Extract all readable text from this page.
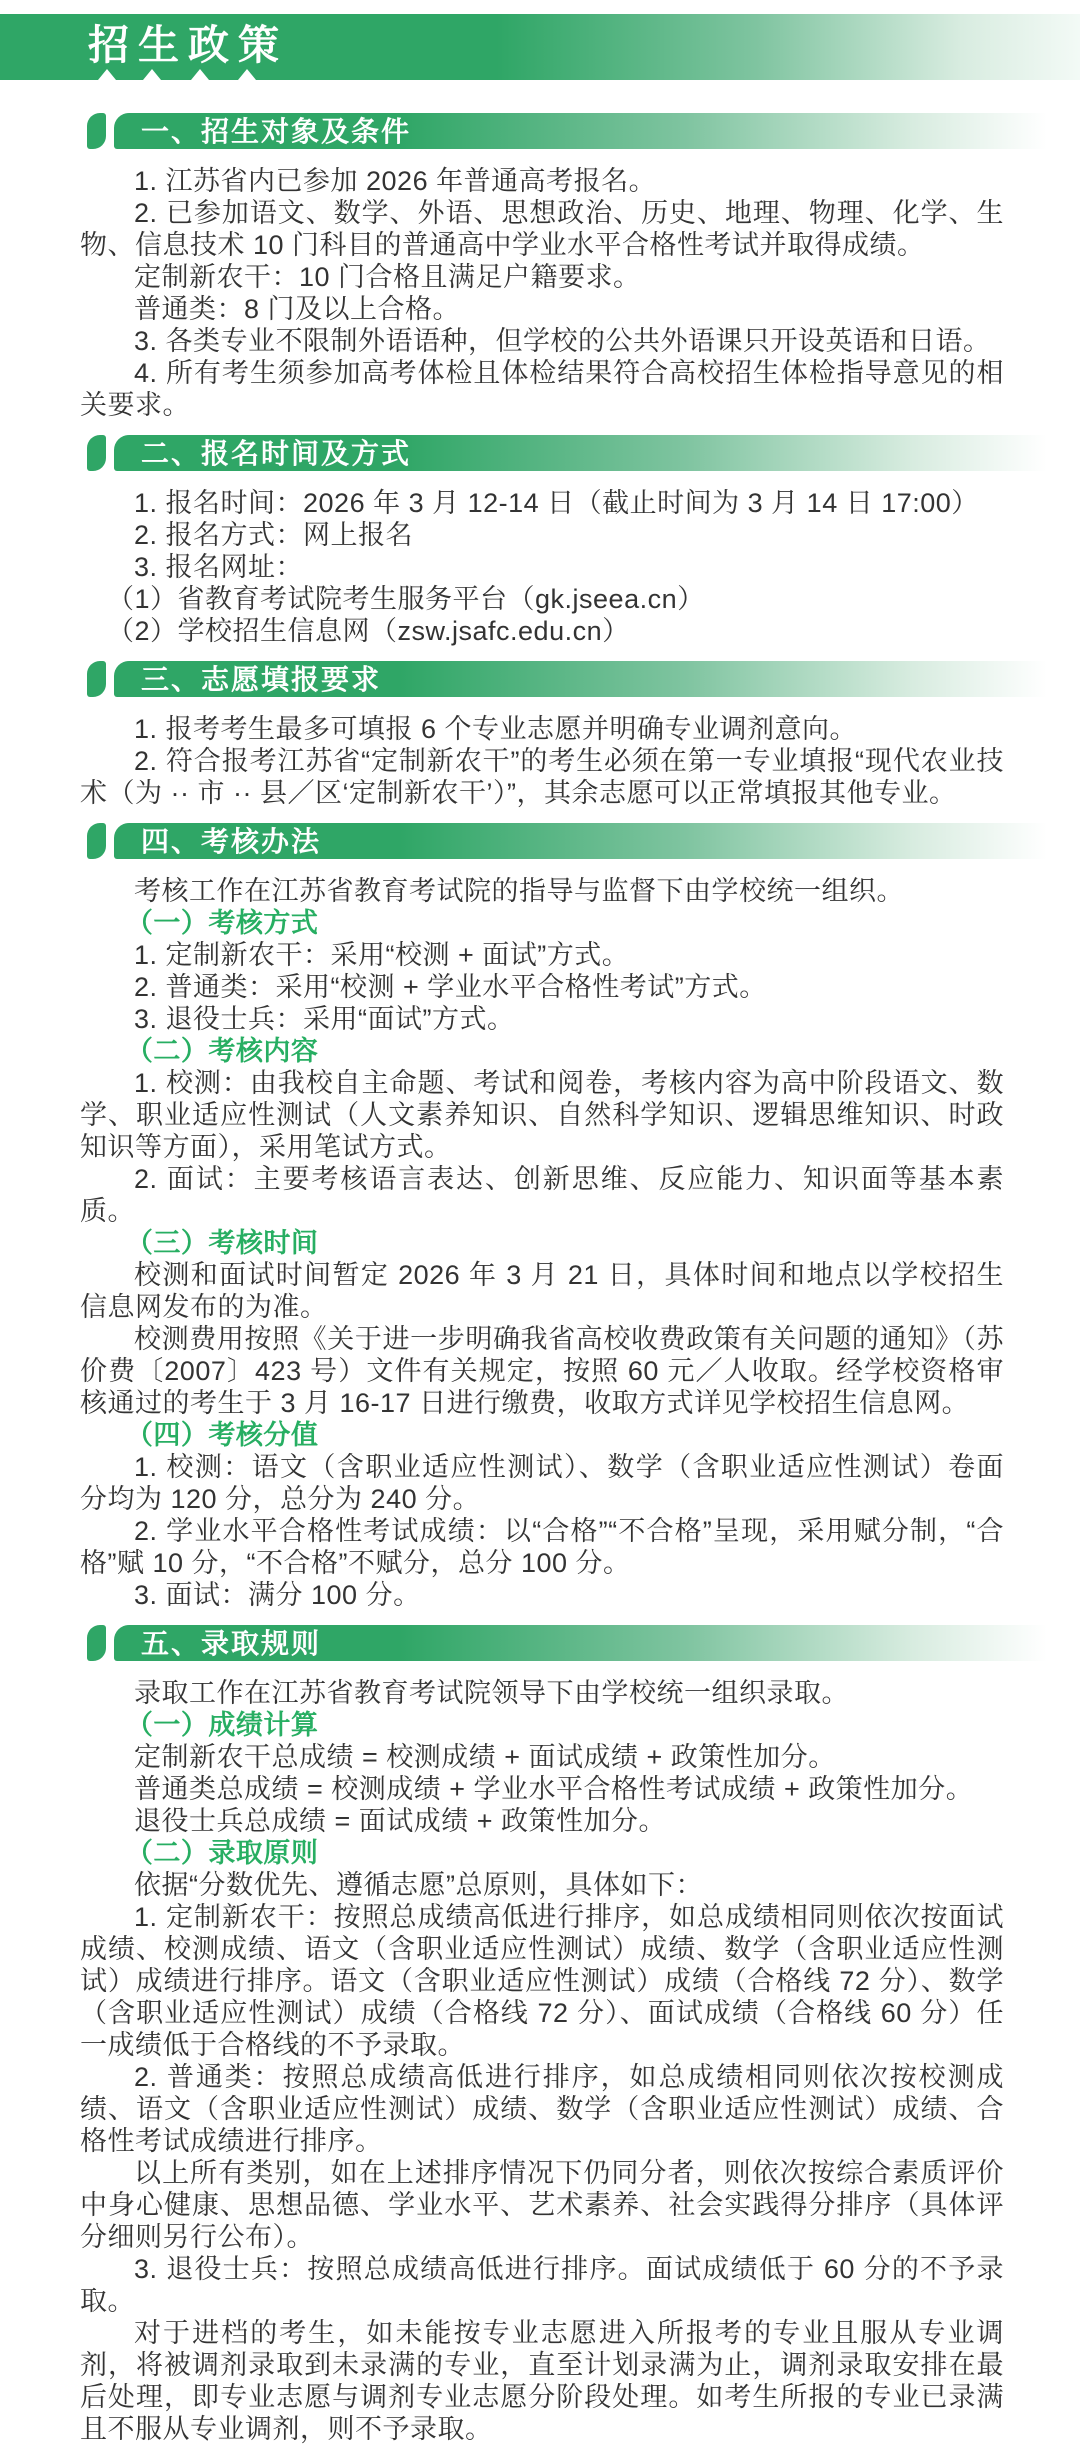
招生政策
一、招生对象及条件

1. 江苏省内已参加 2026 年普通高考报名。

2. 已参加语文、数学、外语、思想政治、历史、地理、物理、化学、生物、信息技术 10 门科目的普通高中学业水平合格性考试并取得成绩。

定制新农干：10 门合格且满足户籍要求。

普通类：8 门及以上合格。

3. 各类专业不限制外语语种，但学校的公共外语课只开设英语和日语。

4. 所有考生须参加高考体检且体检结果符合高校招生体检指导意见的相关要求。

二、报名时间及方式

1. 报名时间：2026 年 3 月 12-14 日（截止时间为 3 月 14 日 17:00）

2. 报名方式：网上报名

3. 报名网址：

（1）省教育考试院考生服务平台（gk.jseea.cn）

（2）学校招生信息网（zsw.jsafc.edu.cn）

三、志愿填报要求

1. 报考考生最多可填报 6 个专业志愿并明确专业调剂意向。

2. 符合报考江苏省“定制新农干”的考生必须在第一专业填报“现代农业技术（为 ·· 市 ·· 县／区‘定制新农干’）”，其余志愿可以正常填报其他专业。

四、考核办法

考核工作在江苏省教育考试院的指导与监督下由学校统一组织。

（一）考核方式

1. 定制新农干：采用“校测 + 面试”方式。

2. 普通类：采用“校测 + 学业水平合格性考试”方式。

3. 退役士兵：采用“面试”方式。

（二）考核内容

1. 校测：由我校自主命题、考试和阅卷，考核内容为高中阶段语文、数学、职业适应性测试（人文素养知识、自然科学知识、逻辑思维知识、时政知识等方面），采用笔试方式。

2. 面试：主要考核语言表达、创新思维、反应能力、知识面等基本素质。

（三）考核时间

校测和面试时间暂定 2026 年 3 月 21 日，具体时间和地点以学校招生信息网发布的为准。

校测费用按照《关于进一步明确我省高校收费政策有关问题的通知》（苏价费〔2007〕423 号）文件有关规定，按照 60 元／人收取。经学校资格审核通过的考生于 3 月 16-17 日进行缴费，收取方式详见学校招生信息网。

（四）考核分值

1. 校测：语文（含职业适应性测试）、数学（含职业适应性测试）卷面分均为 120 分，总分为 240 分。

2. 学业水平合格性考试成绩：以“合格”“不合格”呈现，采用赋分制，“合格”赋 10 分，“不合格”不赋分，总分 100 分。

3. 面试：满分 100 分。

五、录取规则

录取工作在江苏省教育考试院领导下由学校统一组织录取。

（一）成绩计算

定制新农干总成绩 = 校测成绩 + 面试成绩 + 政策性加分。

普通类总成绩 = 校测成绩 + 学业水平合格性考试成绩 + 政策性加分。

退役士兵总成绩 = 面试成绩 + 政策性加分。

（二）录取原则

依据“分数优先、遵循志愿”总原则，具体如下：

1. 定制新农干：按照总成绩高低进行排序，如总成绩相同则依次按面试成绩、校测成绩、语文（含职业适应性测试）成绩、数学（含职业适应性测试）成绩进行排序。语文（含职业适应性测试）成绩（合格线 72 分）、数学（含职业适应性测试）成绩（合格线 72 分）、面试成绩（合格线 60 分）任一成绩低于合格线的不予录取。

2. 普通类：按照总成绩高低进行排序，如总成绩相同则依次按校测成绩、语文（含职业适应性测试）成绩、数学（含职业适应性测试）成绩、合格性考试成绩进行排序。

以上所有类别，如在上述排序情况下仍同分者，则依次按综合素质评价中身心健康、思想品德、学业水平、艺术素养、社会实践得分排序（具体评分细则另行公布）。

3. 退役士兵：按照总成绩高低进行排序。面试成绩低于 60 分的不予录取。

对于进档的考生，如未能按专业志愿进入所报考的专业且服从专业调剂，将被调剂录取到未录满的专业，直至计划录满为止，调剂录取安排在最后处理，即专业志愿与调剂专业志愿分阶段处理。如考生所报的专业已录满且不服从专业调剂，则不予录取。
